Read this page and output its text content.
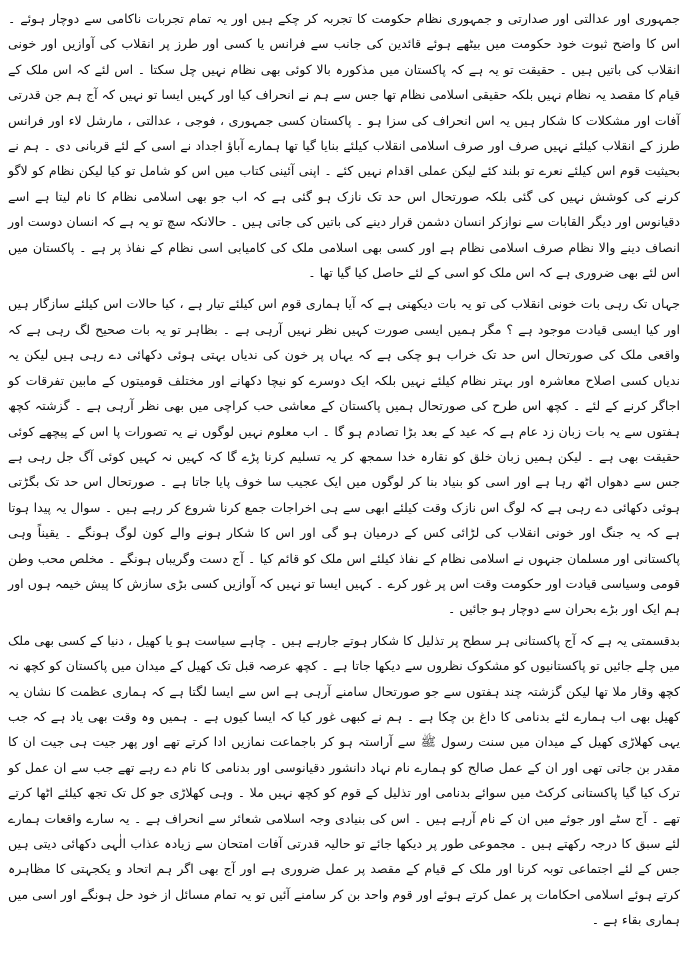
جمہوری اور عدالتی اور صدارتی و جمہوری نظام حکومت کا تجربہ کر چکے ہیں اور یہ تمام تجربات ناکامی سے دوچار ہوئے ۔ اس کا واضح ثبوت خود حکومت میں بیٹھے ہوئے قائدین کی جانب سے فرانس یا کسی اور طرز پر انقلاب کی آوازیں اور خونی انقلاب کی باتیں ہیں ۔ حقیقت تو یہ ہے کہ پاکستان میں مذکورہ بالا کوئی بھی نظام نہیں چل سکتا ۔ اس لئے کہ اس ملک کے قیام کا مقصد یہ نظام نہیں بلکہ حقیقی اسلامی نظام تھا جس سے ہم نے انحراف کیا اور کہیں ایسا تو نہیں کہ آج ہم جن قدرتی آفات اور مشکلات کا شکار ہیں یہ اس انحراف کی سزا ہو ۔ پاکستان کسی جمہوری ، فوجی ، عدالتی ، مارشل لاء اور فرانس طرز کے انقلاب کیلئے نہیں صرف اور صرف اسلامی انقلاب کیلئے بنایا گیا تھا ہمارے آباؤ اجداد نے اسی کے لئے قربانی دی ۔ ہم نے بحیثیت قوم اس کیلئے نعرے تو بلند کئے لیکن عملی اقدام نہیں کئے ۔ اپنی آئینی کتاب میں اس کو شامل تو کیا لیکن نظام کو لاگو کرنے کی کوشش نہیں کی گئی بلکہ صورتحال اس حد تک نازک ہو گئی ہے کہ اب جو بھی اسلامی نظام کا نام لیتا ہے اسے دقیانوس اور دیگر القابات سے نوازکر انسان دشمن قرار دینے کی باتیں کی جاتی ہیں ۔ حالانکہ سچ تو یہ ہے کہ انسان دوست اور انصاف دینے والا نظام صرف اسلامی نظام ہے اور کسی بھی اسلامی ملک کی کامیابی اسی نظام کے نفاذ پر ہے ۔ پاکستان میں اس لئے بھی ضروری ہے کہ اس ملک کو اسی کے لئے حاصل کیا گیا تھا ۔

جہاں تک رہی بات خونی انقلاب کی تو یہ بات دیکھنی ہے کہ آیا ہماری قوم اس کیلئے تیار ہے ، کیا حالات اس کیلئے سازگار ہیں اور کیا ایسی قیادت موجود ہے ؟ مگر ہمیں ایسی صورت کہیں نظر نہیں آرہی ہے ۔ بظاہر تو یہ بات صحیح لگ رہی ہے کہ واقعی ملک کی صورتحال اس حد تک خراب ہو چکی ہے کہ یہاں پر خون کی ندیاں بہتی ہوئی دکھائی دے رہی ہیں لیکن یہ ندیاں کسی اصلاح معاشرہ اور بہتر نظام کیلئے نہیں بلکہ ایک دوسرے کو نیچا دکھانے اور مختلف قومیتوں کے مابین تفرقات کو اجاگر کرنے کے لئے ۔ کچھ اس طرح کی صورتحال ہمیں پاکستان کے معاشی حب کراچی میں بھی نظر آرہی ہے ۔ گزشتہ کچھ ہفتوں سے یہ بات زبان زد عام ہے کہ عید کے بعد بڑا تصادم ہو گا ۔ اب معلوم نہیں لوگوں نے یہ تصورات پا اس کے پیچھے کوئی حقیقت بھی ہے ۔ لیکن ہمیں زبان خلق کو نقارہ خدا سمجھ کر یہ تسلیم کرنا پڑے گا کہ کہیں نہ کہیں کوئی آگ جل رہی ہے جس سے دھواں اٹھ رہا ہے اور اسی کو بنیاد بنا کر لوگوں میں ایک عجیب سا خوف پایا جاتا ہے ۔ صورتحال اس حد تک بگڑتی ہوئی دکھائی دے رہی ہے کہ لوگ اس نازک وقت کیلئے ابھی سے ہی اخراجات جمع کرنا شروع کر رہے ہیں ۔ سوال یہ پیدا ہوتا ہے کہ یہ جنگ اور خونی انقلاب کی لڑائی کس کے درمیان ہو گی اور اس کا شکار ہونے والے کون لوگ ہونگے ۔ یقیناً وہی پاکستانی اور مسلمان جنہوں نے اسلامی نظام کے نفاذ کیلئے اس ملک کو قائم کیا ۔ آج دست وگریباں ہونگے ۔ مخلص محب وطن قومی وسیاسی قیادت اور حکومت وقت اس پر غور کرے ۔ کہیں ایسا تو نہیں کہ آوازیں کسی بڑی سازش کا پیش خیمہ ہوں اور ہم ایک اور بڑے بحران سے دوچار ہو جائیں ۔

بدقسمتی یہ ہے کہ آج پاکستانی ہر سطح پر تذلیل کا شکار ہوتے جارہے ہیں ۔ چاہے سیاست ہو یا کھیل ، دنیا کے کسی بھی ملک میں چلے جائیں تو پاکستانیوں کو مشکوک نظروں سے دیکھا جاتا ہے ۔ کچھ عرصہ قبل تک کھیل کے میدان میں پاکستان کو کچھ نہ کچھ وقار ملا تھا لیکن گزشتہ چند ہفتوں سے جو صورتحال سامنے آرہی ہے اس سے ایسا لگتا ہے کہ ہماری عظمت کا نشان یہ کھیل بھی اب ہمارے لئے بدنامی کا داغ بن چکا ہے ۔ ہم نے کبھی غور کیا کہ ایسا کیوں ہے ۔ ہمیں وہ وقت بھی یاد ہے کہ جب یہی کھلاڑی کھیل کے میدان میں سنت رسول ﷺ سے آراستہ ہو کر باجماعت نمازیں ادا کرتے تھے اور پھر جیت ہی جیت ان کا مقدر بن جاتی تھی اور ان کے عمل صالح کو ہمارے نام نہاد دانشور دقیانوسی اور بدنامی کا نام دے رہے تھے جب سے ان عمل کو ترک کیا گیا پاکستانی کرکٹ میں سوائے بدنامی اور تذلیل کے قوم کو کچھ نہیں ملا ۔ وہی کھلاڑی جو کل تک تجھ کیلئے اٹھا کرتے تھے ۔ آج سٹے اور جوئے میں ان کے نام آرہے ہیں ۔ اس کی بنیادی وجہ اسلامی شعائر سے انحراف ہے ۔ یہ سارے واقعات ہمارے لئے سبق کا درجہ رکھتے ہیں ۔ مجموعی طور پر دیکھا جائے تو حالیہ قدرتی آفات امتحان سے زیادہ عذاب الٰہی دکھائی دیتی ہیں جس کے لئے اجتماعی توبہ کرنا اور ملک کے قیام کے مقصد پر عمل ضروری ہے اور آج بھی اگر ہم اتحاد و یکجہتی کا مظاہرہ کرتے ہوئے اسلامی احکامات پر عمل کرتے ہوئے اور قوم واحد بن کر سامنے آئیں تو یہ تمام مسائل از خود حل ہونگے اور اسی میں ہماری بقاء ہے ۔
